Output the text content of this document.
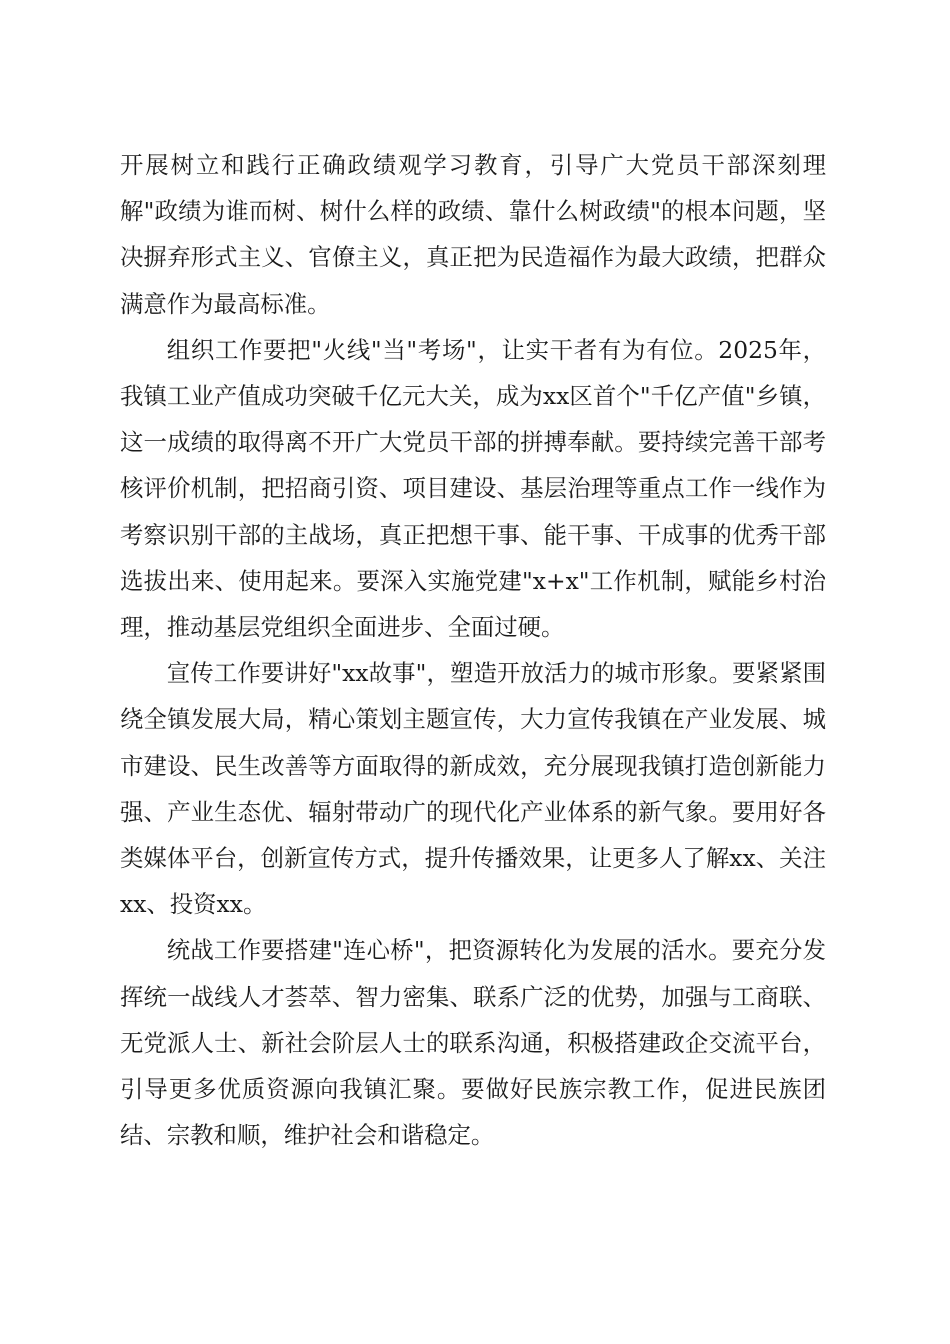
开展树立和践行正确政绩观学习教育，引导广大党员干部深刻理解"政绩为谁而树、树什么样的政绩、靠什么树政绩"的根本问题，坚决摒弃形式主义、官僚主义，真正把为民造福作为最大政绩，把群众满意作为最高标准。

组织工作要把"火线"当"考场"，让实干者有为有位。2025年，我镇工业产值成功突破千亿元大关，成为xx区首个"千亿产值"乡镇，这一成绩的取得离不开广大党员干部的拼搏奉献。要持续完善干部考核评价机制，把招商引资、项目建设、基层治理等重点工作一线作为考察识别干部的主战场，真正把想干事、能干事、干成事的优秀干部选拔出来、使用起来。要深入实施党建"x+x"工作机制，赋能乡村治理，推动基层党组织全面进步、全面过硬。

宣传工作要讲好"xx故事"，塑造开放活力的城市形象。要紧紧围绕全镇发展大局，精心策划主题宣传，大力宣传我镇在产业发展、城市建设、民生改善等方面取得的新成效，充分展现我镇打造创新能力强、产业生态优、辐射带动广的现代化产业体系的新气象。要用好各类媒体平台，创新宣传方式，提升传播效果，让更多人了解xx、关注xx、投资xx。

统战工作要搭建"连心桥"，把资源转化为发展的活水。要充分发挥统一战线人才荟萃、智力密集、联系广泛的优势，加强与工商联、无党派人士、新社会阶层人士的联系沟通，积极搭建政企交流平台，引导更多优质资源向我镇汇聚。要做好民族宗教工作，促进民族团结、宗教和顺，维护社会和谐稳定。
